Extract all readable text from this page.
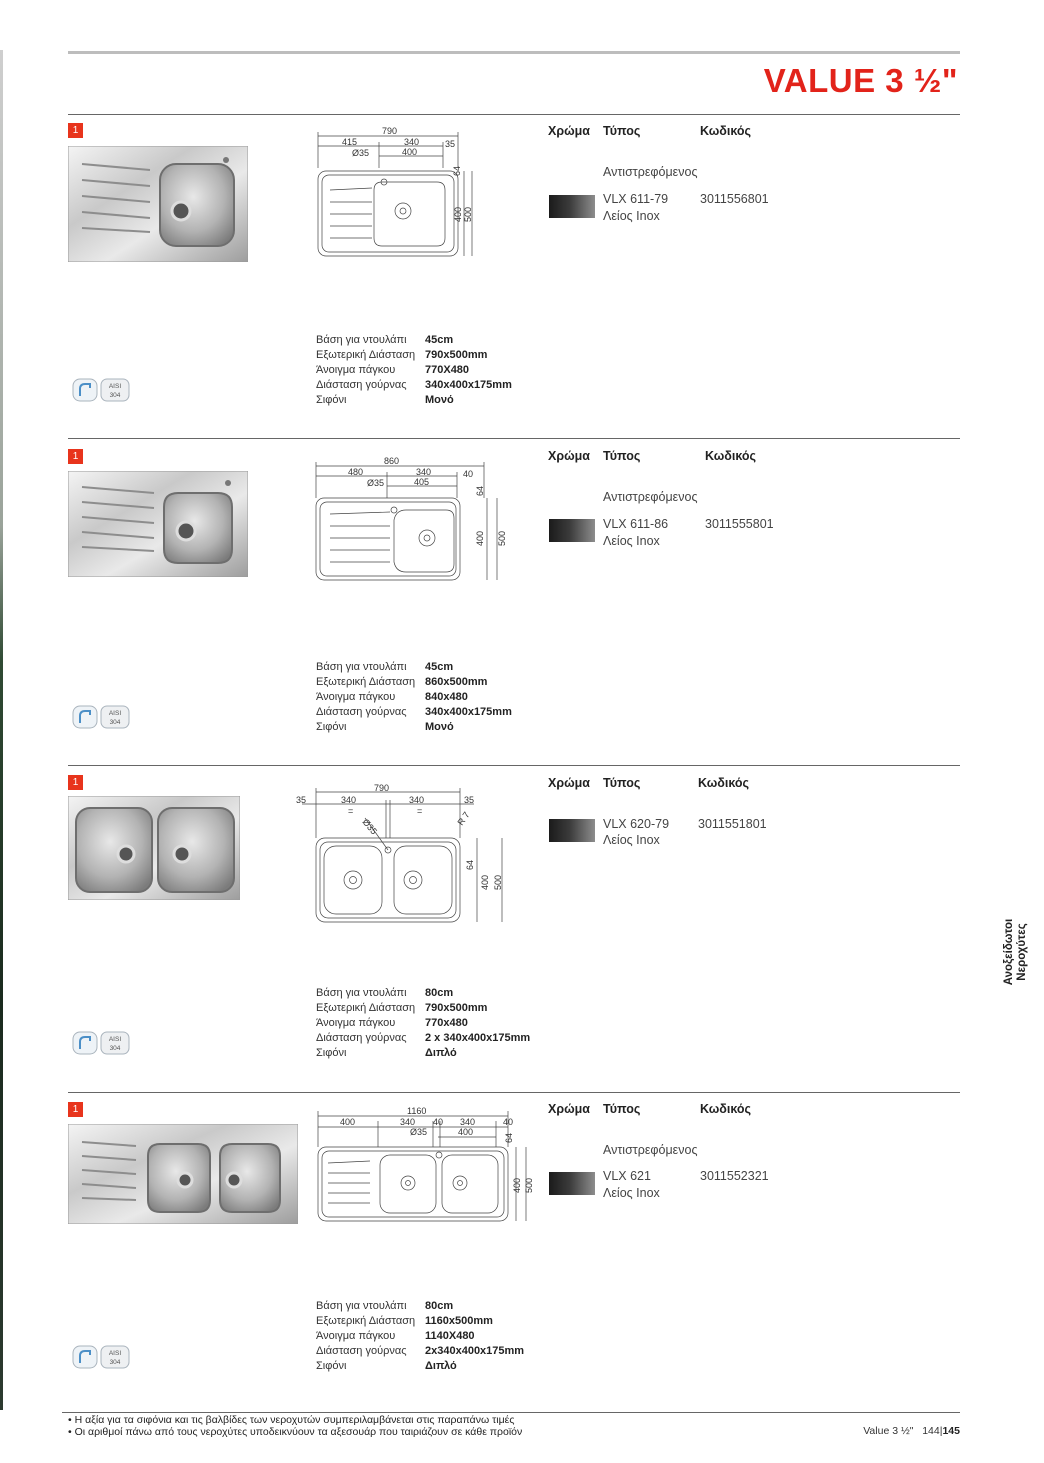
VALUE 3 ½"
1	790
415	340	35
400
Ø35
64
400 500
Χρώμα Τύπος	Κωδικός
Αντιστρεφόμενος
VLX 611-79
Λείος Inox
3011556801
Βάση για ντουλάπι 45cm
Εξωτερική Διάσταση 790x500mm
Άνοιγμα πάγκου	770X480
Διάσταση γούρνας 340x400x175mm
Σιφόνι	Μονό
AISI
304
1	860
480	340	40
405
Ø35
64
400 500
Χρώμα Τύπος	Κωδικός
Αντιστρεφόμενος
VLX 611-86
Λείος Inox
3011555801
Βάση για ντουλάπι 45cm
Εξωτερική Διάσταση 860x500mm
Άνοιγμα πάγκου	840x480
Διάσταση γούρνας 340x400x175mm
Σιφόνι	Μονό
AISI
304
1	790
35	340	340	35
=	=
Ø35	R 7
64
400 500
Χρώμα Τύπος	Κωδικός
VLX 620-79
Λείος Inox
3011551801
Βάση για ντουλάπι 80cm
Εξωτερική Διάσταση 790x500mm
Άνοιγμα πάγκου	770x480
Διάσταση γούρνας 2 x 340x400x175mm
Σιφόνι	Διπλό
AISI
304
1	1160
400	340 40 340	40
400
Ø35
64
400 500
Χρώμα Τύπος	Κωδικός
Αντιστρεφόμενος
VLX 621
Λείος Inox
3011552321
Βάση για ντουλάπι 80cm
Εξωτερική Διάσταση 1160x500mm
Άνοιγμα πάγκου	1140X480
Διάσταση γούρνας 2x340x400x175mm
Σιφόνι	Διπλό
AISI
304
Ανοξείδωτοι Νεροχύτες
• Η αξία για τα σιφόνια και τις βαλβίδες των νεροχυτών συμπεριλαμβάνεται στις παραπάνω τιμές
• Οι αριθμοί πάνω από τους νεροχύτες υποδεικνύουν τα αξεσουάρ που ταιριάζουν σε κάθε προϊόν	Value 3 ½" 144|145
